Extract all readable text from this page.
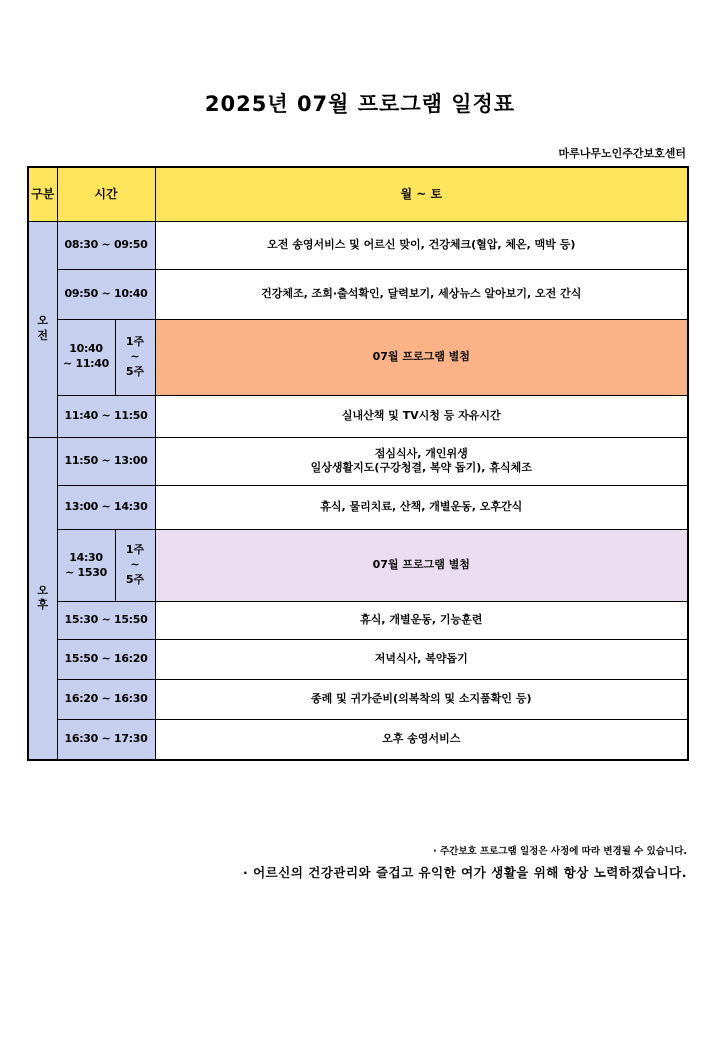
2025년 07월 프로그램 일정표
마루나무노인주간보호센터
구분	시간		월 ~ 토

오
전	08:30 ~ 09:50		오전 송영서비스 및 어르신 맞이, 건강체크(혈압, 체온, 맥박 등)
	09:50 ~ 10:40		건강체조, 조회·출석확인, 달력보기, 세상뉴스 알아보기, 오전 간식

	10:40
~ 11:40	1주
~
5주	07월 프로그램 별첨
	11:40 ~ 11:50		실내산책 및 TV시청 등 자유시간

오
후	11:50 ~ 13:00		점심식사, 개인위생
일상생활지도(구강청결, 복약 돕기), 휴식체조

	13:00 ~ 14:30		휴식, 물리치료, 산책, 개별운동, 오후간식

	14:30
~ 1530	1주
~
5주	07월 프로그램 별첨
	15:30 ~ 15:50		휴식, 개별운동, 기능훈련
	15:50 ~ 16:20		저녁식사, 복약돕기
	16:20 ~ 16:30		종례 및 귀가준비(의복착의 및 소지품확인 등)
	16:30 ~ 17:30		오후 송영서비스
· 주간보호 프로그램 일정은 사정에 따라 변경될 수 있습니다.
· 어르신의 건강관리와 즐겁고 유익한 여가 생활을 위해 항상 노력하겠습니다.
